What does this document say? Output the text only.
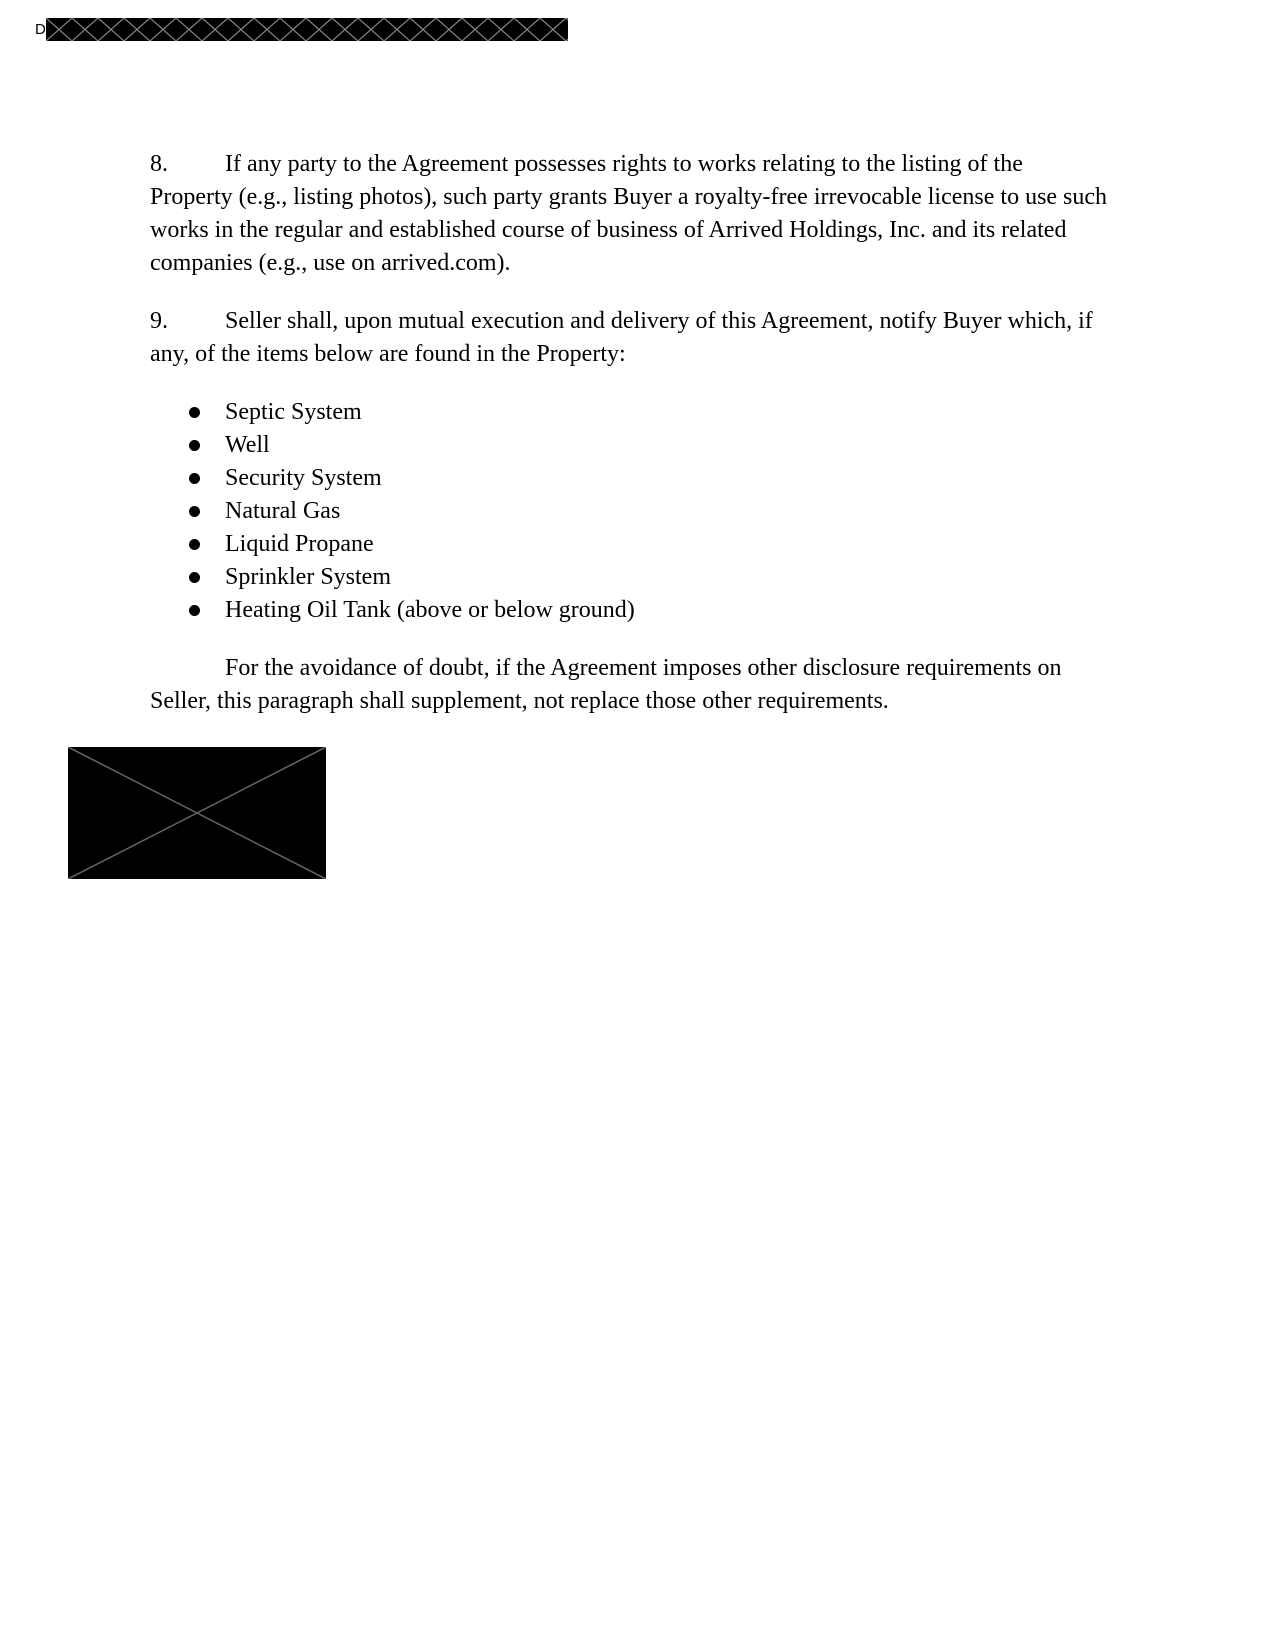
D

8. If any party to the Agreement possesses rights to works relating to the listing of the Property (e.g., listing photos), such party grants Buyer a royalty-free irrevocable license to use such works in the regular and established course of business of Arrived Holdings, Inc. and its related companies (e.g., use on arrived.com).

9. Seller shall, upon mutual execution and delivery of this Agreement, notify Buyer which, if any, of the items below are found in the Property:

Septic System
Well
Security System
Natural Gas
Liquid Propane
Sprinkler System
Heating Oil Tank (above or below ground)

For the avoidance of doubt, if the Agreement imposes other disclosure requirements on Seller, this paragraph shall supplement, not replace those other requirements.
